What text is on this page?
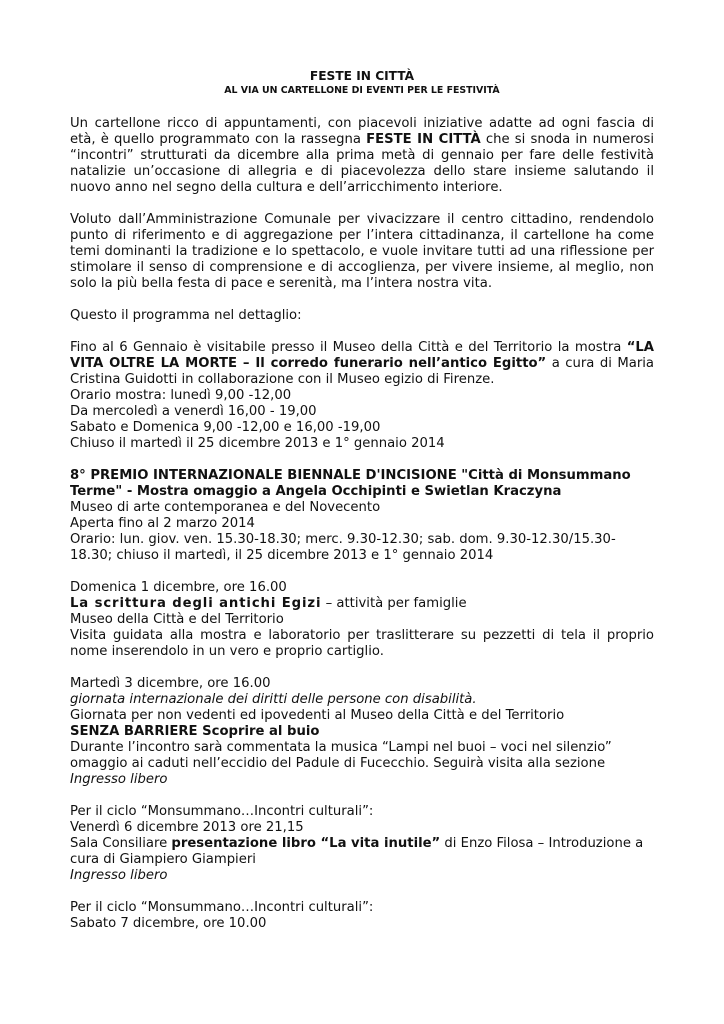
FESTE IN CITTÀ
AL VIA UN CARTELLONE DI EVENTI PER LE FESTIVITÀ

Un cartellone ricco di appuntamenti, con piacevoli iniziative adatte ad ogni fascia di età, è quello programmato con la rassegna FESTE IN CITTÀ che si snoda in numerosi “incontri” strutturati da dicembre alla prima metà di gennaio per fare delle festività natalizie un’occasione di allegria e di piacevolezza dello stare insieme salutando il nuovo anno nel segno della cultura e dell’arricchimento interiore.

Voluto dall’Amministrazione Comunale per vivacizzare il centro cittadino, rendendolo punto di riferimento e di aggregazione per l’intera cittadinanza, il cartellone ha come temi dominanti la tradizione e lo spettacolo, e vuole invitare tutti ad una riflessione per stimolare il senso di comprensione e di accoglienza, per vivere insieme, al meglio, non solo la più bella festa di pace e serenità, ma l’intera nostra vita.

Questo il programma nel dettaglio:

Fino al 6 Gennaio è visitabile presso il Museo della Città e del Territorio la mostra “LA VITA OLTRE LA MORTE – Il corredo funerario nell’antico Egitto” a cura di Maria Cristina Guidotti in collaborazione con il Museo egizio di Firenze.
Orario mostra: lunedì 9,00 -12,00
Da mercoledì a venerdì 16,00 - 19,00
Sabato e Domenica 9,00 -12,00 e 16,00 -19,00
Chiuso il martedì il 25 dicembre 2013 e 1° gennaio 2014

8° PREMIO INTERNAZIONALE BIENNALE D'INCISIONE "Città di Monsummano Terme" - Mostra omaggio a Angela Occhipinti e Swietlan Kraczyna
Museo di arte contemporanea e del Novecento
Aperta fino al 2 marzo 2014
Orario: lun. giov. ven. 15.30-18.30; merc. 9.30-12.30; sab. dom. 9.30-12.30/15.30-18.30; chiuso il martedì, il 25 dicembre 2013 e 1° gennaio 2014

Domenica 1 dicembre, ore 16.00
La scrittura degli antichi Egizi – attività per famiglie
Museo della Città e del Territorio
Visita guidata alla mostra e laboratorio per traslitterare su pezzetti di tela il proprio nome inserendolo in un vero e proprio cartiglio.

Martedì 3 dicembre, ore 16.00
giornata internazionale dei diritti delle persone con disabilità.
Giornata per non vedenti ed ipovedenti al Museo della Città e del Territorio
SENZA BARRIERE Scoprire al buio
Durante l’incontro sarà commentata la musica “Lampi nel buoi – voci nel silenzio” omaggio ai caduti nell’eccidio del Padule di Fucecchio. Seguirà visita alla sezione
Ingresso libero

Per il ciclo “Monsummano…Incontri culturali”:
Venerdì 6 dicembre 2013 ore 21,15
Sala Consiliare presentazione libro “La vita inutile” di Enzo Filosa – Introduzione a cura di Giampiero Giampieri
Ingresso libero

Per il ciclo “Monsummano…Incontri culturali”:
Sabato 7 dicembre, ore 10.00
